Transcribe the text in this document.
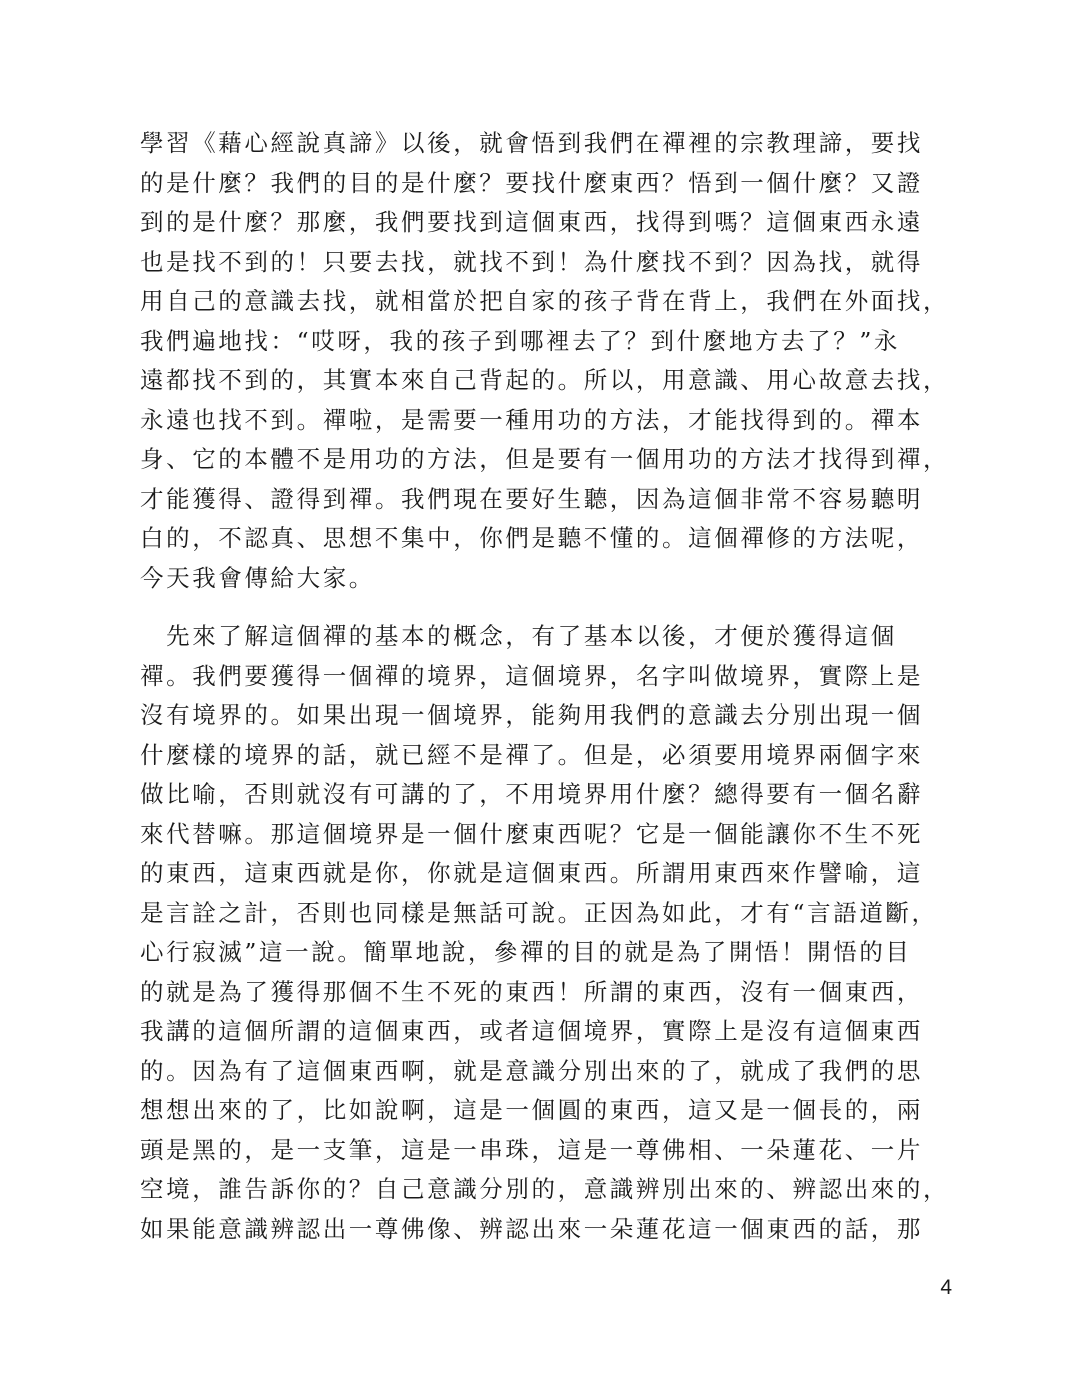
學習《藉心經說真諦》以後，就會悟到我們在禪裡的宗教理諦，要找
的是什麼？我們的目的是什麼？要找什麼東西？悟到一個什麼？又證
到的是什麼？那麼，我們要找到這個東西，找得到嗎？這個東西永遠
也是找不到的！只要去找，就找不到！為什麼找不到？因為找，就得
用自己的意識去找，就相當於把自家的孩子背在背上，我們在外面找，
我們遍地找：“哎呀，我的孩子到哪裡去了？到什麼地方去了？”永
遠都找不到的，其實本來自己背起的。所以，用意識、用心故意去找，
永遠也找不到。禪啦，是需要一種用功的方法，才能找得到的。禪本
身、它的本體不是用功的方法，但是要有一個用功的方法才找得到禪，
才能獲得、證得到禪。我們現在要好生聽，因為這個非常不容易聽明
白的，不認真、思想不集中，你們是聽不懂的。這個禪修的方法呢，
今天我會傳給大家。
　先來了解這個禪的基本的概念，有了基本以後，才便於獲得這個
禪。我們要獲得一個禪的境界，這個境界，名字叫做境界，實際上是
沒有境界的。如果出現一個境界，能夠用我們的意識去分別出現一個
什麼樣的境界的話，就已經不是禪了。但是，必須要用境界兩個字來
做比喻，否則就沒有可講的了，不用境界用什麼？總得要有一個名辭
來代替嘛。那這個境界是一個什麼東西呢？它是一個能讓你不生不死
的東西，這東西就是你，你就是這個東西。所謂用東西來作譬喻，這
是言詮之計，否則也同樣是無話可說。正因為如此，才有“言語道斷，
心行寂滅”這一說。簡單地說，參禪的目的就是為了開悟！開悟的目
的就是為了獲得那個不生不死的東西！所謂的東西，沒有一個東西，
我講的這個所謂的這個東西，或者這個境界，實際上是沒有這個東西
的。因為有了這個東西啊，就是意識分別出來的了，就成了我們的思
想想出來的了，比如說啊，這是一個圓的東西，這又是一個長的，兩
頭是黑的，是一支筆，這是一串珠，這是一尊佛相、一朵蓮花、一片
空境，誰告訴你的？自己意識分別的，意識辨別出來的、辨認出來的，
如果能意識辨認出一尊佛像、辨認出來一朵蓮花這一個東西的話，那
4
